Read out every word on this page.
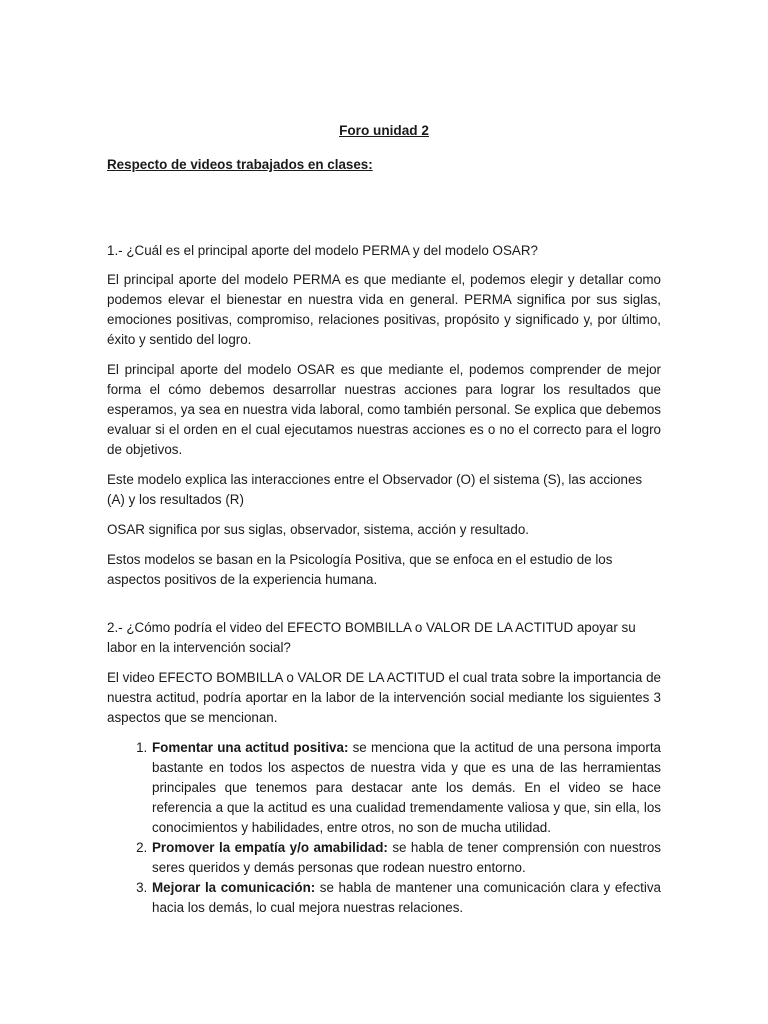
Foro unidad 2
Respecto de videos trabajados en clases:

1.- ¿Cuál es el principal aporte del modelo PERMA y del modelo OSAR?

El principal aporte del modelo PERMA es que mediante el, podemos elegir y detallar como podemos elevar el bienestar en nuestra vida en general. PERMA significa por sus siglas, emociones positivas, compromiso, relaciones positivas, propósito y significado y, por último, éxito y sentido del logro.

El principal aporte del modelo OSAR es que mediante el, podemos comprender de mejor forma el cómo debemos desarrollar nuestras acciones para lograr los resultados que esperamos, ya sea en nuestra vida laboral, como también personal. Se explica que debemos evaluar si el orden en el cual ejecutamos nuestras acciones es o no el correcto para el logro de objetivos.

Este modelo explica las interacciones entre el Observador (O) el sistema (S), las acciones (A) y los resultados (R)

OSAR significa por sus siglas, observador, sistema, acción y resultado.

Estos modelos se basan en la Psicología Positiva, que se enfoca en el estudio de los aspectos positivos de la experiencia humana.

2.- ¿Cómo podría el video del EFECTO BOMBILLA o VALOR DE LA ACTITUD apoyar su labor en la intervención social?

El video EFECTO BOMBILLA o VALOR DE LA ACTITUD el cual trata sobre la importancia de nuestra actitud, podría aportar en la labor de la intervención social mediante los siguientes 3 aspectos que se mencionan.

1. Fomentar una actitud positiva: se menciona que la actitud de una persona importa bastante en todos los aspectos de nuestra vida y que es una de las herramientas principales que tenemos para destacar ante los demás. En el video se hace referencia a que la actitud es una cualidad tremendamente valiosa y que, sin ella, los conocimientos y habilidades, entre otros, no son de mucha utilidad.
2. Promover la empatía y/o amabilidad: se habla de tener comprensión con nuestros seres queridos y demás personas que rodean nuestro entorno.
3. Mejorar la comunicación: se habla de mantener una comunicación clara y efectiva hacia los demás, lo cual mejora nuestras relaciones.
